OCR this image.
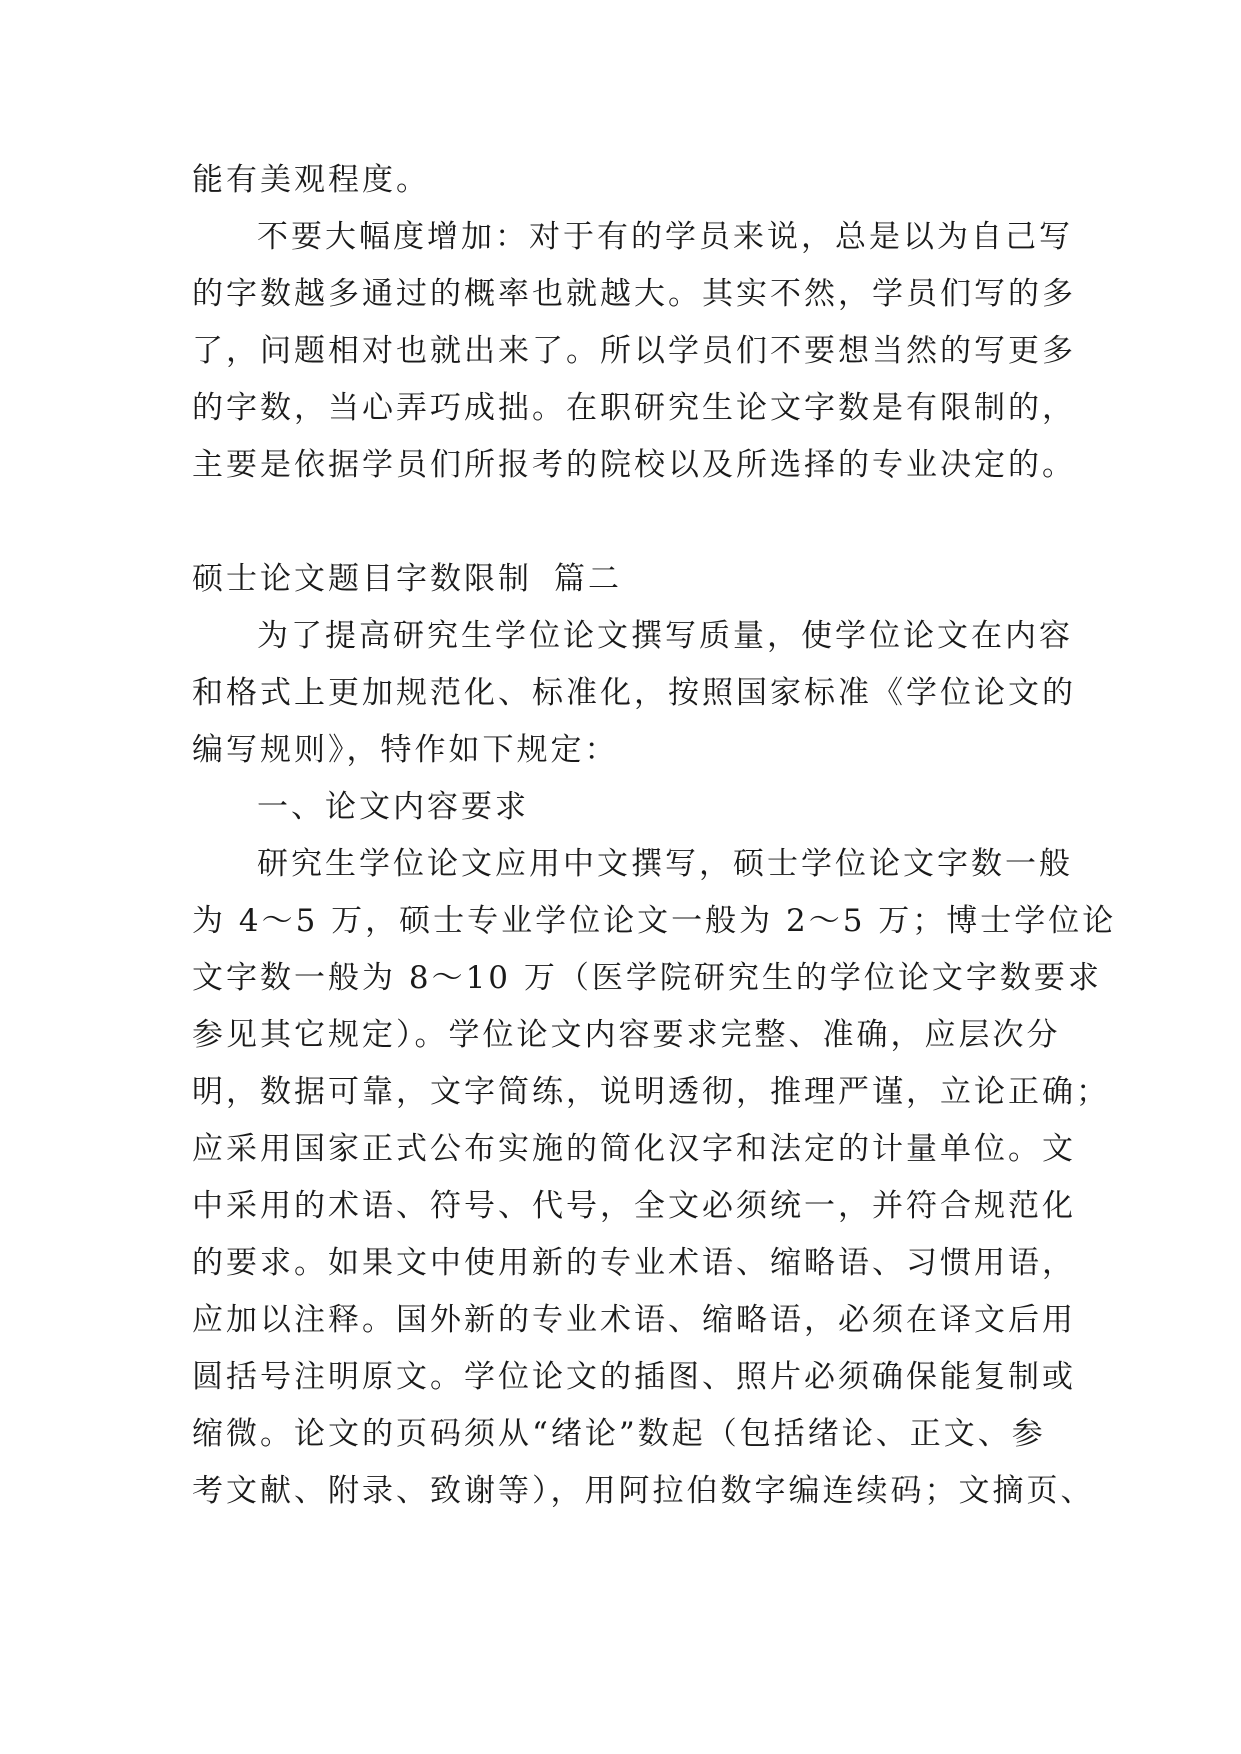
能有美观程度。
不要大幅度增加：对于有的学员来说，总是以为自己写
的字数越多通过的概率也就越大。其实不然，学员们写的多
了，问题相对也就出来了。所以学员们不要想当然的写更多
的字数，当心弄巧成拙。在职研究生论文字数是有限制的，
主要是依据学员们所报考的院校以及所选择的专业决定的。
硕士论文题目字数限制 篇二
为了提高研究生学位论文撰写质量，使学位论文在内容
和格式上更加规范化、标准化，按照国家标准《学位论文的
编写规则》，特作如下规定：
一、论文内容要求
研究生学位论文应用中文撰写，硕士学位论文字数一般
为 4～5 万，硕士专业学位论文一般为 2～5 万；博士学位论
文字数一般为 8～10 万（医学院研究生的学位论文字数要求
参见其它规定）。学位论文内容要求完整、准确，应层次分
明，数据可靠，文字简练，说明透彻，推理严谨，立论正确；
应采用国家正式公布实施的简化汉字和法定的计量单位。文
中采用的术语、符号、代号，全文必须统一，并符合规范化
的要求。如果文中使用新的专业术语、缩略语、习惯用语，
应加以注释。国外新的专业术语、缩略语，必须在译文后用
圆括号注明原文。学位论文的插图、照片必须确保能复制或
缩微。论文的页码须从“绪论”数起（包括绪论、正文、参
考文献、附录、致谢等），用阿拉伯数字编连续码；文摘页、
